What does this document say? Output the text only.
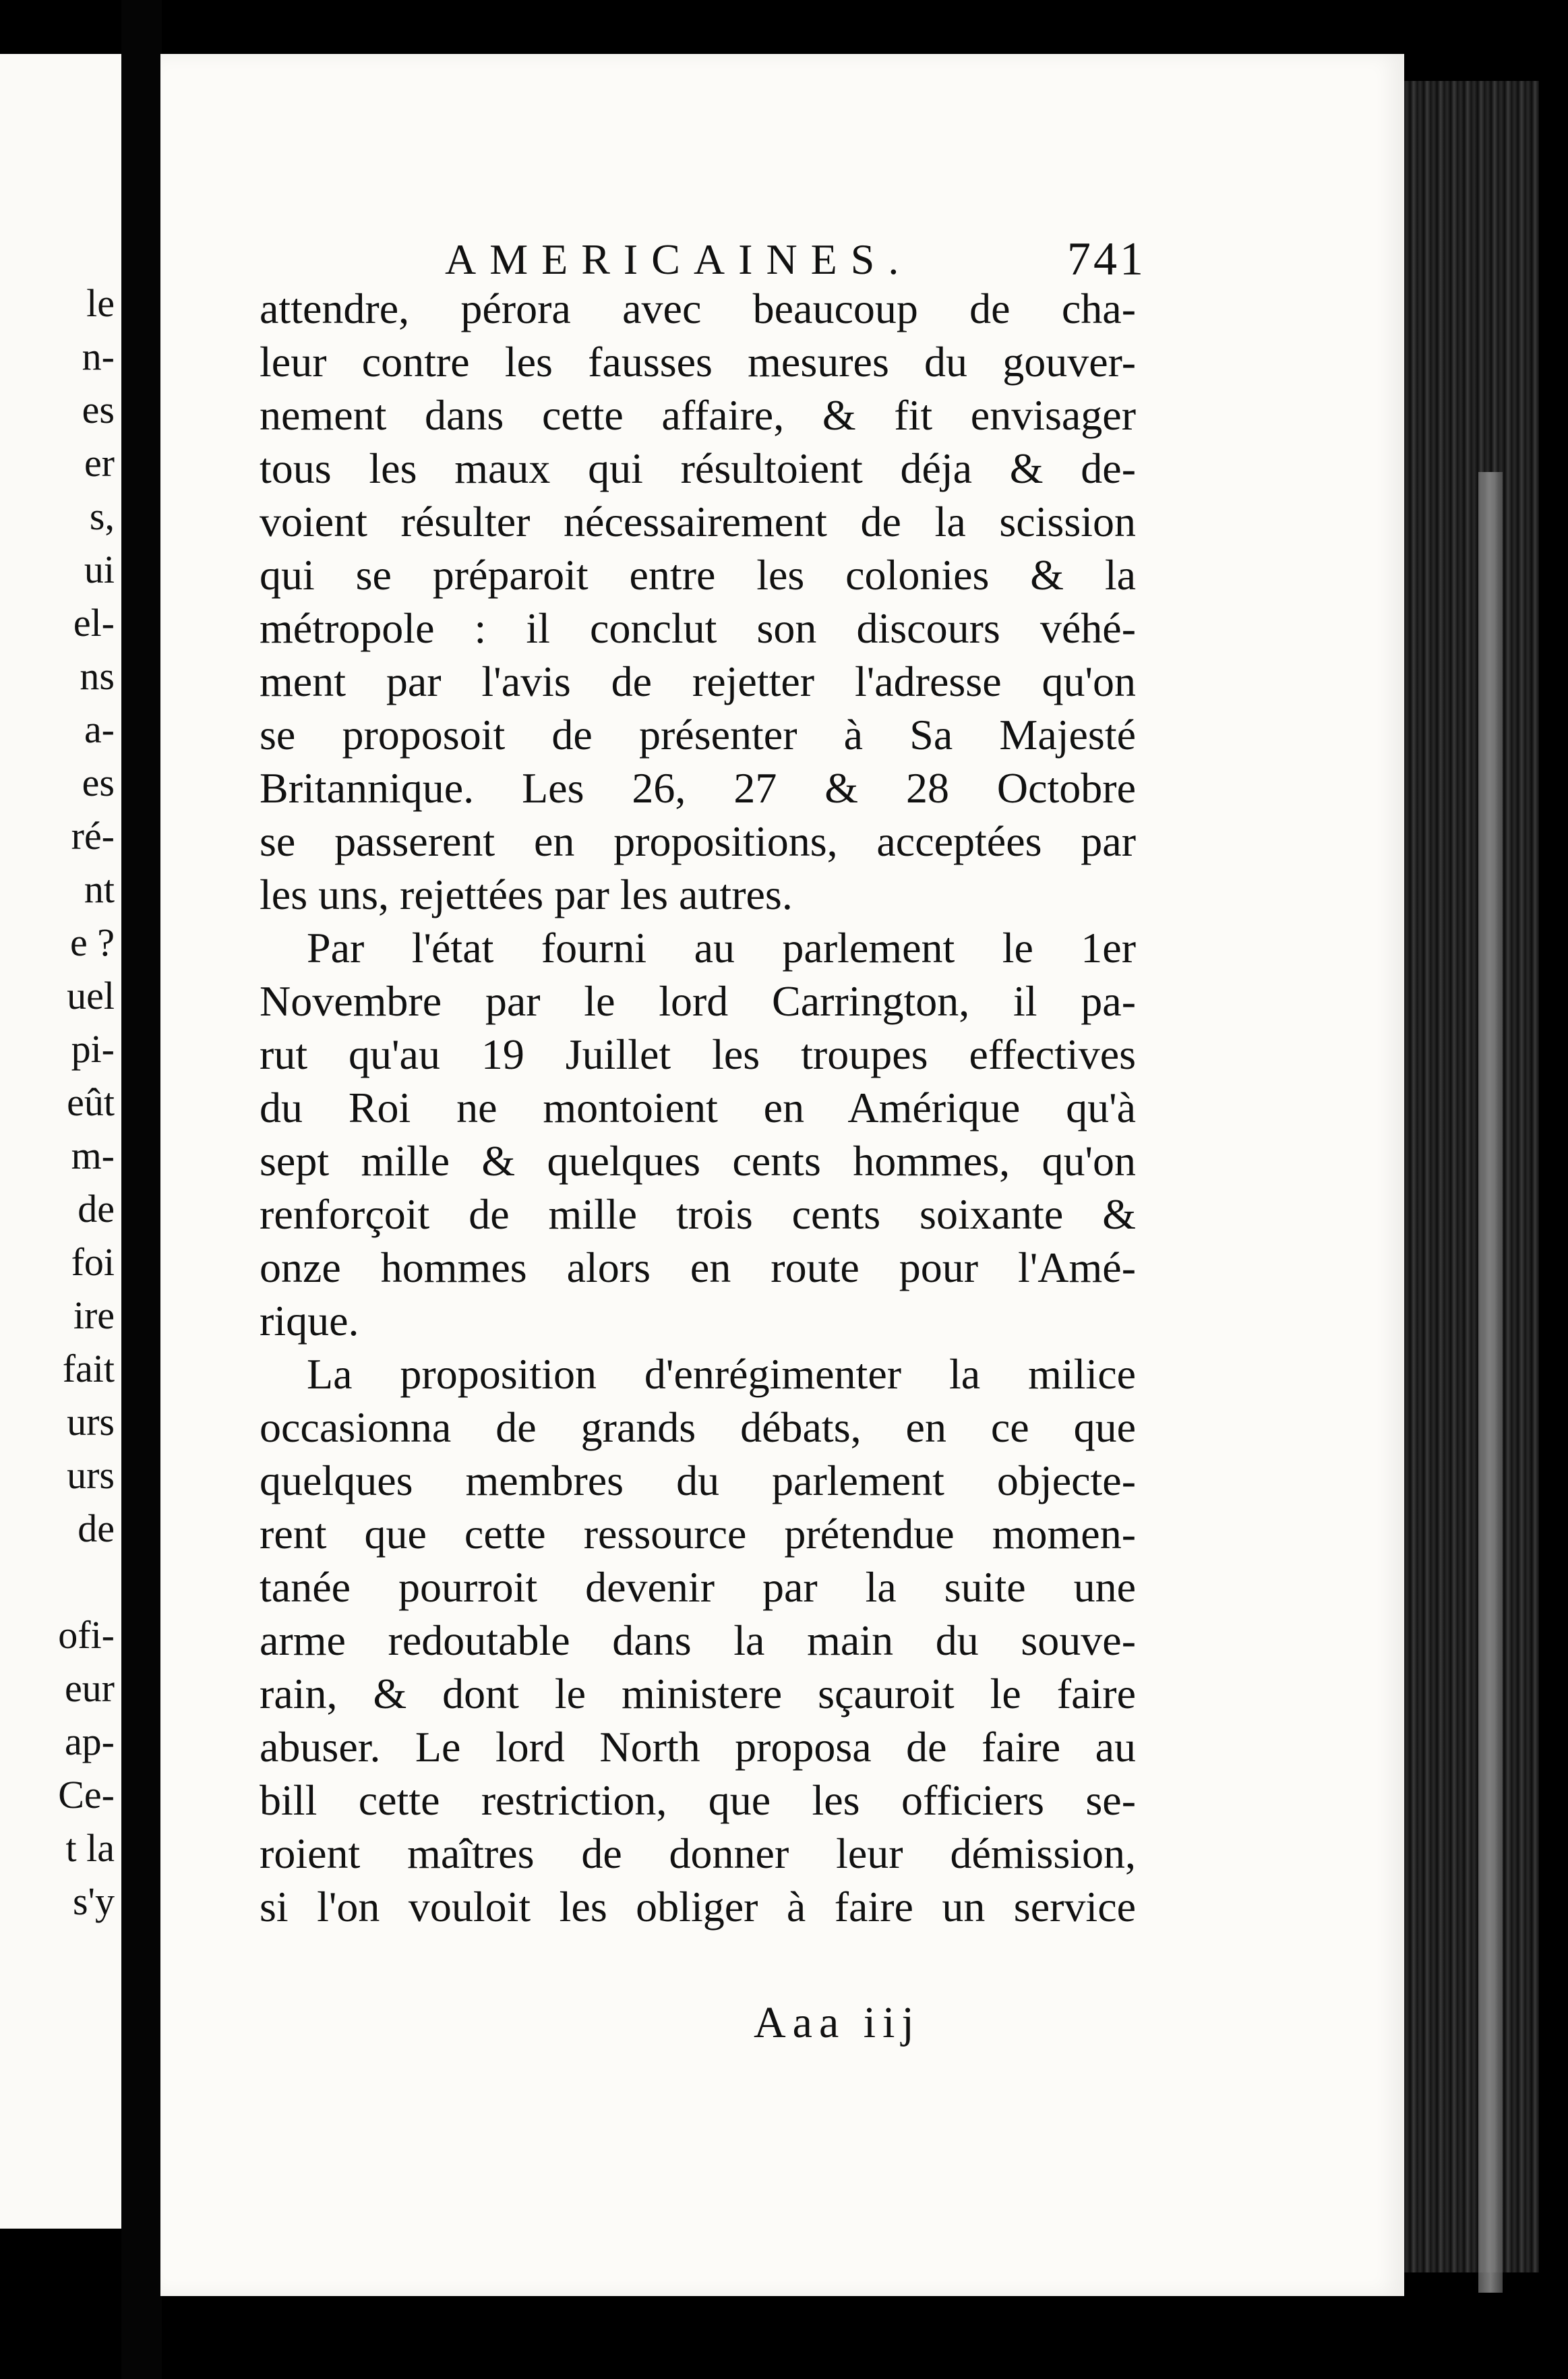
le
n-
es
er
s,
ui
el-
ns
a-
es
ré-
nt
e ?
uel
pi-
eût
m-
de
foi
ire
fait
urs
urs
de
ofi-
eur
ap-
Ce-
t la
s'y
AMERICAINES.	741
attendre, pérora avec beaucoup de cha-
leur contre les fausses mesures du gouver-
nement dans cette affaire, & fit envisager
tous les maux qui résultoient déja & de-
voient résulter nécessairement de la scission
qui se préparoit entre les colonies & la
métropole : il conclut son discours véhé-
ment par l'avis de rejetter l'adresse qu'on
se proposoit de présenter à Sa Majesté
Britannique. Les 26, 27 & 28 Octobre
se passerent en propositions, acceptées par
les uns, rejettées par les autres.
Par l'état fourni au parlement le 1er
Novembre par le lord Carrington, il pa-
rut qu'au 19 Juillet les troupes effectives
du Roi ne montoient en Amérique qu'à
sept mille & quelques cents hommes, qu'on
renforçoit de mille trois cents soixante &
onze hommes alors en route pour l'Amé-
rique.
La proposition d'enrégimenter la milice
occasionna de grands débats, en ce que
quelques membres du parlement objecte-
rent que cette ressource prétendue momen-
tanée pourroit devenir par la suite une
arme redoutable dans la main du souve-
rain, & dont le ministere sçauroit le faire
abuser. Le lord North proposa de faire au
bill cette restriction, que les officiers se-
roient maîtres de donner leur démission,
si l'on vouloit les obliger à faire un service
Aaa iij
